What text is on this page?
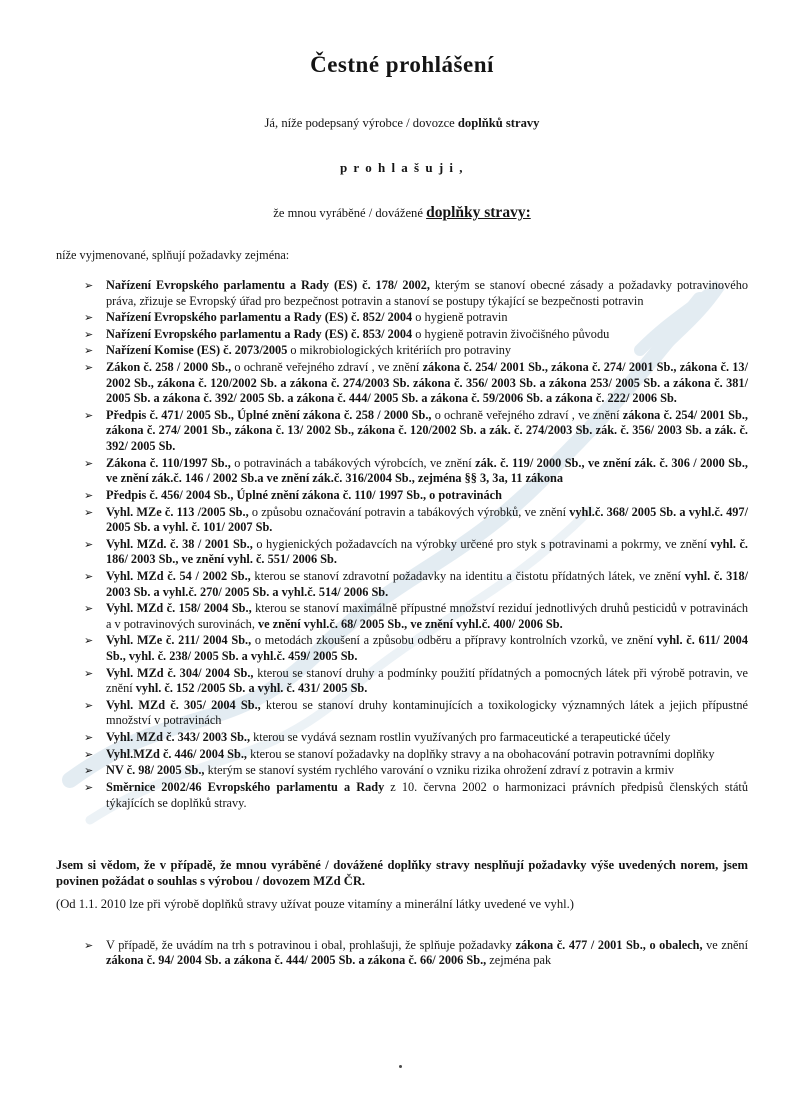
Čestné prohlášení
Já, níže podepsaný výrobce / dovozce doplňků stravy
p r o h l a š u j i ,
že mnou vyráběné / dovážené doplňky stravy:
níže vyjmenované, splňují požadavky zejména:
➢	Nařízení Evropského parlamentu a Rady (ES) č. 178/ 2002, kterým se stanoví obecné zásady a požadavky potravinového práva, zřizuje se Evropský úřad pro bezpečnost potravin a stanoví se postupy týkající se bezpečnosti potravin
➢	Nařízení Evropského parlamentu a Rady (ES) č. 852/ 2004 o hygieně potravin
➢	Nařízení Evropského parlamentu a Rady (ES) č. 853/ 2004 o hygieně potravin živočišného původu
➢	Nařízení Komise (ES) č. 2073/2005 o mikrobiologických kritériích pro potraviny
➢	Zákon č. 258 / 2000 Sb., o ochraně veřejného zdraví , ve znění zákona č. 254/ 2001 Sb., zákona č. 274/ 2001 Sb., zákona č. 13/ 2002 Sb., zákona č. 120/2002 Sb. a zákona č. 274/2003 Sb. zákona č. 356/ 2003 Sb. a zákona 253/ 2005 Sb. a zákona č. 381/ 2005 Sb. a zákona č. 392/ 2005 Sb. a zákona č. 444/ 2005 Sb. a zákona č. 59/2006 Sb. a zákona č. 222/ 2006 Sb.
➢	Předpis č. 471/ 2005 Sb., Úplné znění zákona č. 258 / 2000 Sb., o ochraně veřejného zdraví , ve znění zákona č. 254/ 2001 Sb., zákona č. 274/ 2001 Sb., zákona č. 13/ 2002 Sb., zákona č. 120/2002 Sb. a zák. č. 274/2003 Sb. zák. č. 356/ 2003 Sb. a zák. č. 392/ 2005 Sb.
➢	Zákona č. 110/1997 Sb., o potravinách a tabákových výrobcích, ve znění zák. č. 119/ 2000 Sb., ve znění zák. č. 306 / 2000 Sb., ve znění zák.č. 146 / 2002 Sb.a ve znění zák.č. 316/2004 Sb., zejména §§ 3, 3a, 11 zákona
➢	Předpis č. 456/ 2004 Sb., Úplné znění zákona č. 110/ 1997 Sb., o potravinách
➢	Vyhl. MZe č. 113 /2005 Sb., o způsobu označování potravin a tabákových výrobků, ve znění vyhl.č. 368/ 2005 Sb. a vyhl.č. 497/ 2005 Sb. a vyhl. č. 101/ 2007 Sb.
➢	Vyhl. MZd. č. 38 / 2001 Sb., o hygienických požadavcích na výrobky určené pro styk s potravinami a pokrmy, ve znění vyhl. č. 186/ 2003 Sb., ve znění vyhl. č. 551/ 2006 Sb.
➢	Vyhl. MZd č. 54 / 2002 Sb., kterou se stanoví zdravotní požadavky na identitu a čistotu přídatných látek, ve znění vyhl. č. 318/ 2003 Sb. a vyhl.č. 270/ 2005 Sb. a vyhl.č. 514/ 2006 Sb.
➢	Vyhl. MZd č. 158/ 2004 Sb., kterou se stanoví maximálně přípustné množství reziduí jednotlivých druhů pesticidů v potravinách a v potravinových surovinách, ve znění vyhl.č. 68/ 2005 Sb., ve znění vyhl.č. 400/ 2006 Sb.
➢	Vyhl. MZe č. 211/ 2004 Sb., o metodách zkoušení a způsobu odběru a přípravy kontrolních vzorků, ve znění vyhl. č. 611/ 2004 Sb., vyhl. č. 238/ 2005 Sb. a vyhl.č. 459/ 2005 Sb.
➢	Vyhl. MZd č. 304/ 2004 Sb., kterou se stanoví druhy a podmínky použití přídatných a pomocných látek při výrobě potravin, ve znění vyhl. č. 152 /2005 Sb. a vyhl. č. 431/ 2005 Sb.
➢	Vyhl. MZd č. 305/ 2004 Sb., kterou se stanoví druhy kontaminujících a toxikologicky významných látek a jejich přípustné množství v potravinách
➢	Vyhl. MZd č. 343/ 2003 Sb., kterou se vydává seznam rostlin využívaných pro farmaceutické a terapeutické účely
➢	Vyhl.MZd č. 446/ 2004 Sb., kterou se stanoví požadavky na doplňky stravy a na obohacování potravin potravními doplňky
➢	NV č. 98/ 2005 Sb., kterým se stanoví systém rychlého varování o vzniku rizika ohrožení zdraví z potravin a krmiv
➢	Směrnice 2002/46 Evropského parlamentu a Rady z 10. června 2002 o harmonizaci právních předpisů členských států týkajících se doplňků stravy.
Jsem si vědom, že v případě, že mnou vyráběné / dovážené doplňky stravy nesplňují požadavky výše uvedených norem, jsem povinen požádat o souhlas s výrobou / dovozem MZd ČR.
(Od 1.1. 2010 lze při výrobě doplňků stravy užívat pouze vitamíny a minerální látky uvedené ve vyhl.)
➢	V případě, že uvádím na trh s potravinou i obal, prohlašuji, že splňuje požadavky zákona č. 477 / 2001 Sb., o obalech, ve znění zákona č. 94/ 2004 Sb. a zákona č. 444/ 2005 Sb. a zákona č. 66/ 2006 Sb., zejména pak
